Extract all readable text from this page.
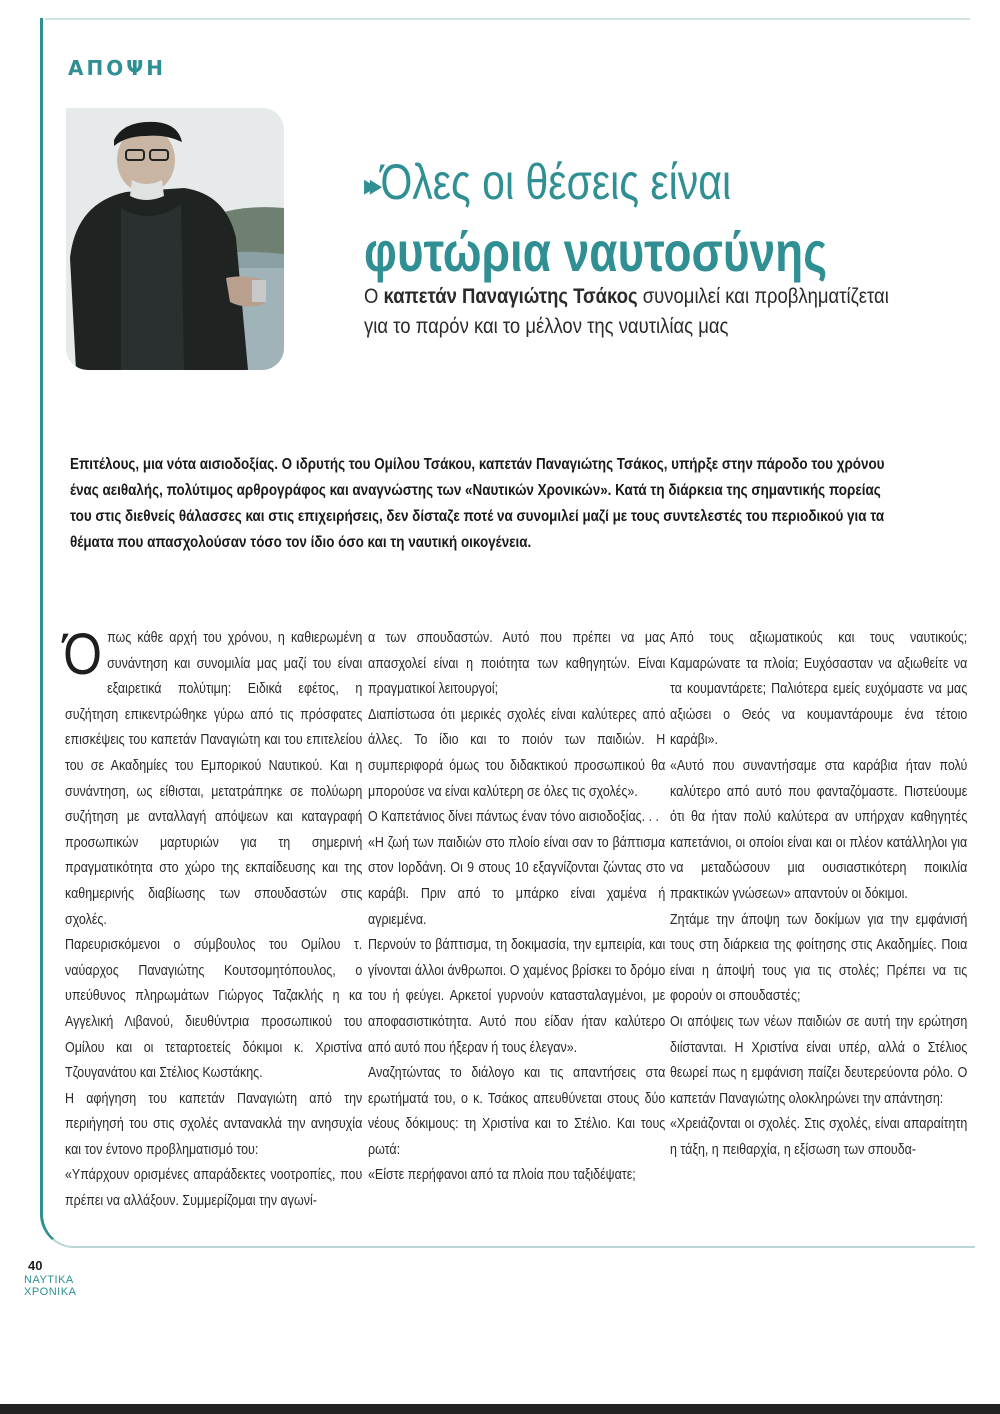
ΑΠΟΨΗ
▸▸Όλες οι θέσεις είναι
φυτώρια ναυτοσύνης
Ο καπετάν Παναγιώτης Τσάκος συνομιλεί και προβληματίζεται για το παρόν και το μέλλον της ναυτιλίας μας
Επιτέλους, μια νότα αισιοδοξίας. Ο ιδρυτής του Ομίλου Τσάκου, καπετάν Παναγιώτης Τσάκος, υπήρξε στην πάροδο του χρόνου ένας αειθαλής, πολύτιμος αρθρογράφος και αναγνώστης των «Ναυτικών Χρονικών». Κατά τη διάρκεια της σημαντικής πορείας του στις διεθνείς θάλασσες και στις επιχειρήσεις, δεν δίσταζε ποτέ να συνομιλεί μαζί με τους συντελεστές του περιοδικού για τα θέματα που απασχολούσαν τόσο τον ίδιο όσο και τη ναυτική οικογένεια.

Όπως κάθε αρχή του χρόνου, η καθιερωμένη συνάντηση και συνομιλία μας μαζί του είναι εξαιρετικά πολύτιμη: Ειδικά εφέτος, η συζήτηση επικεντρώθηκε γύρω από τις πρόσφατες επισκέψεις του καπετάν Παναγιώτη και του επιτελείου του σε Ακαδημίες του Εμπορικού Ναυτικού. Και η συνάντηση, ως είθισται, μετατράπηκε σε πολύωρη συζήτηση με ανταλλαγή απόψεων και καταγραφή προσωπικών μαρτυριών για τη σημερινή πραγματικότητα στο χώρο της εκπαίδευσης και της καθημερινής διαβίωσης των σπουδαστών στις σχολές.

Παρευρισκόμενοι ο σύμβουλος του Ομίλου τ. ναύαρχος Παναγιώτης Κουτσομητόπουλος, ο υπεύθυνος πληρωμάτων Γιώργος Ταζακλής η κα Αγγελική Λιβανού, διευθύντρια προσωπικού του Ομίλου και οι τεταρτοετείς δόκιμοι κ. Χριστίνα Τζουγανάτου και Στέλιος Κωστάκης.

Η αφήγηση του καπετάν Παναγιώτη από την περιήγησή του στις σχολές αντανακλά την ανησυχία και τον έντονο προβληματισμό του:

«Υπάρχουν ορισμένες απαράδεκτες νοοτροπίες, που πρέπει να αλλάξουν. Συμμερίζομαι την αγωνί-

α των σπουδαστών. Αυτό που πρέπει να μας απασχολεί είναι η ποιότητα των καθηγητών. Είναι πραγματικοί λειτουργοί;

Διαπίστωσα ότι μερικές σχολές είναι καλύτερες από άλλες. Το ίδιο και το ποιόν των παιδιών. Η συμπεριφορά όμως του διδακτικού προσωπικού θα μπορούσε να είναι καλύτερη σε όλες τις σχολές».

Ο Καπετάνιος δίνει πάντως έναν τόνο αισιοδοξίας. . .

«Η ζωή των παιδιών στο πλοίο είναι σαν το βάπτισμα στον Ιορδάνη. Οι 9 στους 10 εξαγνίζονται ζώντας στο καράβι. Πριν από το μπάρκο είναι χαμένα ή αγριεμένα.

Περνούν το βάπτισμα, τη δοκιμασία, την εμπειρία, και γίνονται άλλοι άνθρωποι. Ο χαμένος βρίσκει το δρόμο του ή φεύγει. Αρκετοί γυρνούν κατασταλαγμένοι, με αποφασιστικότητα. Αυτό που είδαν ήταν καλύτερο από αυτό που ήξεραν ή τους έλεγαν».

Αναζητώντας το διάλογο και τις απαντήσεις στα ερωτήματά του, ο κ. Τσάκος απευθύνεται στους δύο νέους δόκιμους: τη Χριστίνα και το Στέλιο. Και τους ρωτά:

«Είστε περήφανοι από τα πλοία που ταξιδέψατε;

Από τους αξιωματικούς και τους ναυτικούς; Καμαρώνατε τα πλοία; Ευχόσασταν να αξιωθείτε να τα κουμαντάρετε; Παλιότερα εμείς ευχόμαστε να μας αξιώσει ο Θεός να κουμαντάρουμε ένα τέτοιο καράβι».

«Αυτό που συναντήσαμε στα καράβια ήταν πολύ καλύτερο από αυτό που φανταζόμαστε. Πιστεύουμε ότι θα ήταν πολύ καλύτερα αν υπήρχαν καθηγητές καπετάνιοι, οι οποίοι είναι και οι πλέον κατάλληλοι για να μεταδώσουν μια ουσιαστικότερη ποικιλία πρακτικών γνώσεων» απαντούν οι δόκιμοι.

Ζητάμε την άποψη των δοκίμων για την εμφάνισή τους στη διάρκεια της φοίτησης στις Ακαδημίες. Ποια είναι η άποψή τους για τις στολές; Πρέπει να τις φορούν οι σπουδαστές;

Οι απόψεις των νέων παιδιών σε αυτή την ερώτηση διίστανται. Η Χριστίνα είναι υπέρ, αλλά ο Στέλιος θεωρεί πως η εμφάνιση παίζει δευτερεύοντα ρόλο. Ο καπετάν Παναγιώτης ολοκληρώνει την απάντηση:

«Χρειάζονται οι σχολές. Στις σχολές, είναι απαραίτητη η τάξη, η πειθαρχία, η εξίσωση των σπουδα-

40
ΝΑΥΤΙΚΑ
ΧΡΟΝΙΚΑ
